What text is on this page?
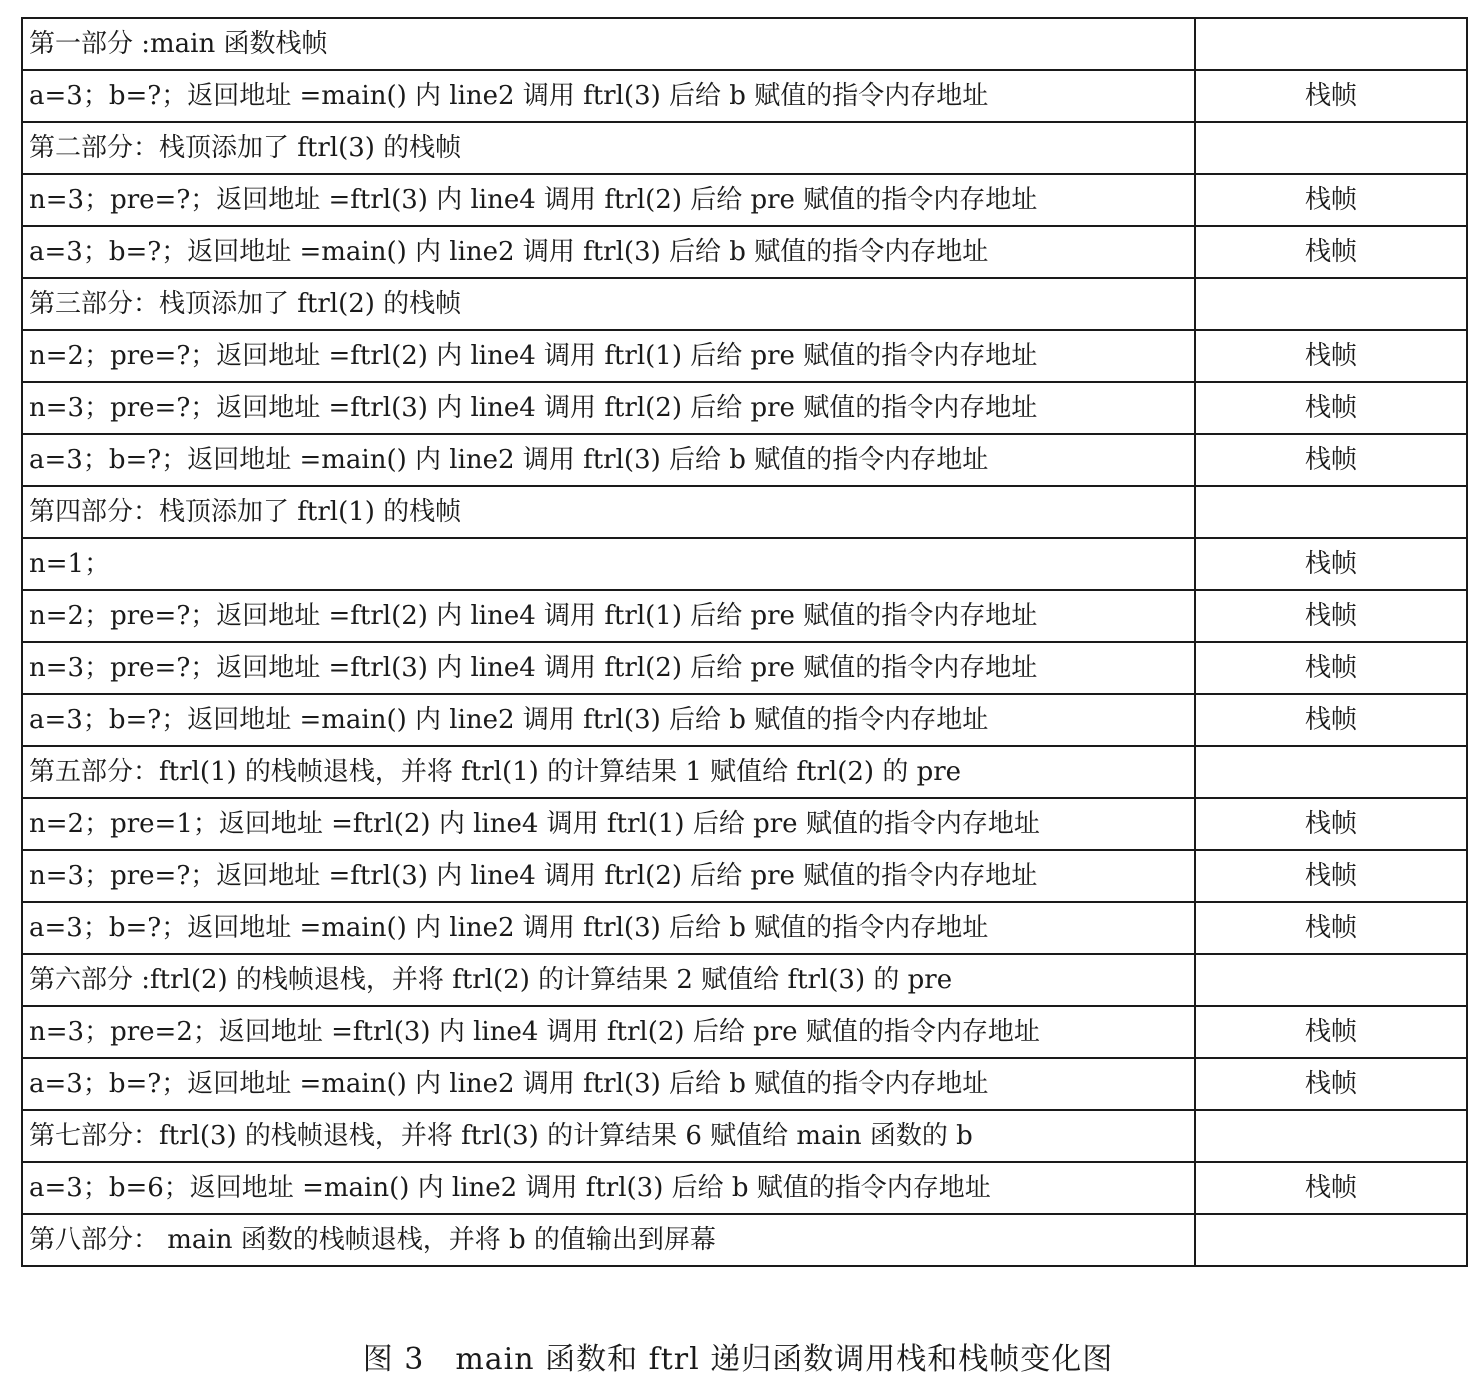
第一部分 :main 函数栈帧	
a=3；b=?；返回地址 =main() 内 line2 调用 ftrl(3) 后给 b 赋值的指令内存地址	栈帧
第二部分：栈顶添加了 ftrl(3) 的栈帧	
n=3；pre=?；返回地址 =ftrl(3) 内 line4 调用 ftrl(2) 后给 pre 赋值的指令内存地址	栈帧
a=3；b=?；返回地址 =main() 内 line2 调用 ftrl(3) 后给 b 赋值的指令内存地址	栈帧
第三部分：栈顶添加了 ftrl(2) 的栈帧	
n=2；pre=?；返回地址 =ftrl(2) 内 line4 调用 ftrl(1) 后给 pre 赋值的指令内存地址	栈帧
n=3；pre=?；返回地址 =ftrl(3) 内 line4 调用 ftrl(2) 后给 pre 赋值的指令内存地址	栈帧
a=3；b=?；返回地址 =main() 内 line2 调用 ftrl(3) 后给 b 赋值的指令内存地址	栈帧
第四部分：栈顶添加了 ftrl(1) 的栈帧	
n=1；	栈帧
n=2；pre=?；返回地址 =ftrl(2) 内 line4 调用 ftrl(1) 后给 pre 赋值的指令内存地址	栈帧
n=3；pre=?；返回地址 =ftrl(3) 内 line4 调用 ftrl(2) 后给 pre 赋值的指令内存地址	栈帧
a=3；b=?；返回地址 =main() 内 line2 调用 ftrl(3) 后给 b 赋值的指令内存地址	栈帧
第五部分：ftrl(1) 的栈帧退栈，并将 ftrl(1) 的计算结果 1 赋值给 ftrl(2) 的 pre	
n=2；pre=1；返回地址 =ftrl(2) 内 line4 调用 ftrl(1) 后给 pre 赋值的指令内存地址	栈帧
n=3；pre=?；返回地址 =ftrl(3) 内 line4 调用 ftrl(2) 后给 pre 赋值的指令内存地址	栈帧
a=3；b=?；返回地址 =main() 内 line2 调用 ftrl(3) 后给 b 赋值的指令内存地址	栈帧
第六部分 :ftrl(2) 的栈帧退栈，并将 ftrl(2) 的计算结果 2 赋值给 ftrl(3) 的 pre	
n=3；pre=2；返回地址 =ftrl(3) 内 line4 调用 ftrl(2) 后给 pre 赋值的指令内存地址	栈帧
a=3；b=?；返回地址 =main() 内 line2 调用 ftrl(3) 后给 b 赋值的指令内存地址	栈帧
第七部分：ftrl(3) 的栈帧退栈，并将 ftrl(3) 的计算结果 6 赋值给 main 函数的 b	
a=3；b=6；返回地址 =main() 内 line2 调用 ftrl(3) 后给 b 赋值的指令内存地址	栈帧
第八部分： main 函数的栈帧退栈，并将 b 的值输出到屏幕	
图 3　main 函数和 ftrl 递归函数调用栈和栈帧变化图
